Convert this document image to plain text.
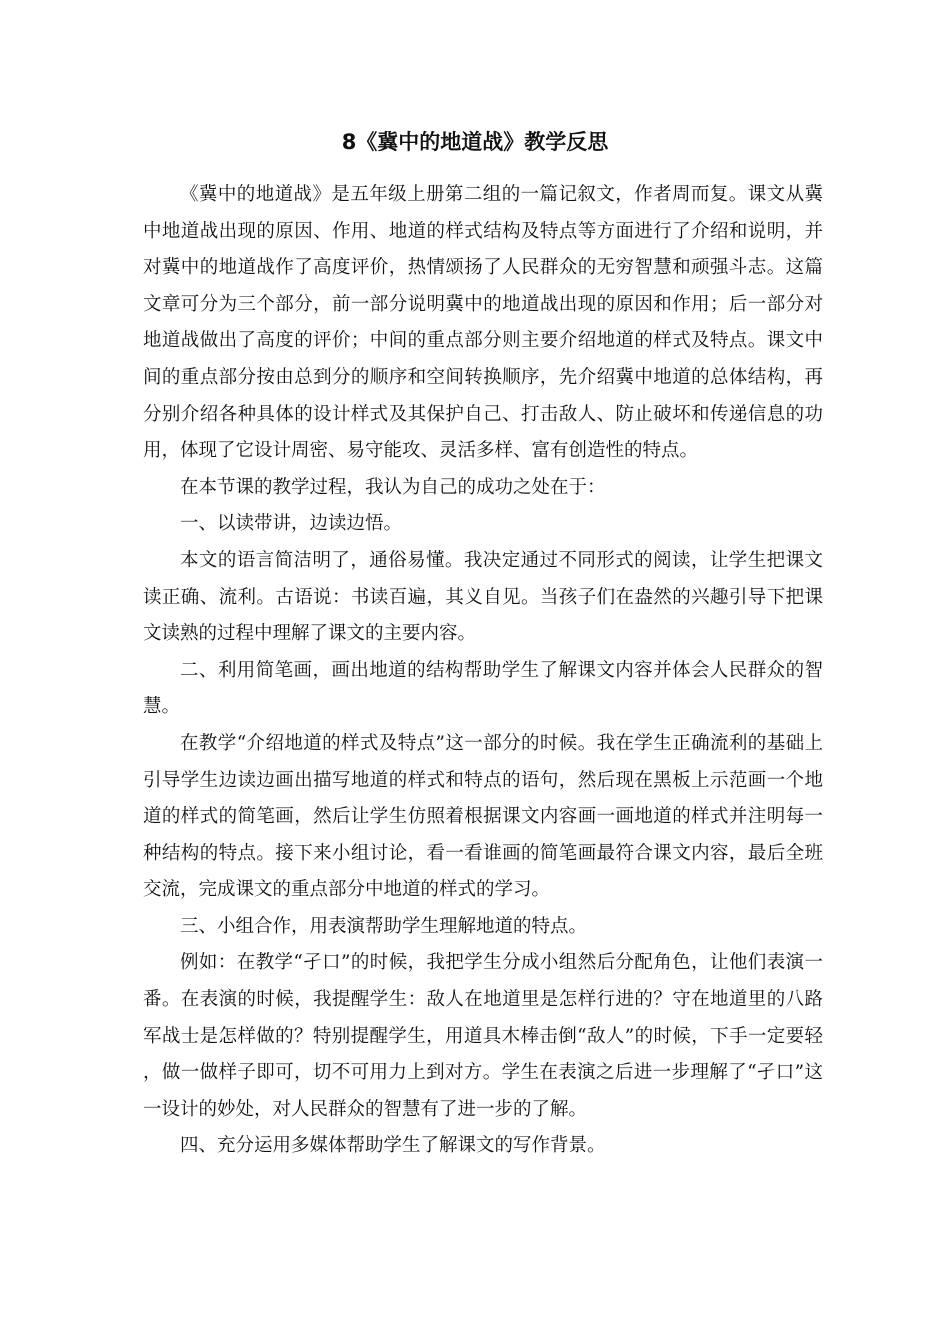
8《冀中的地道战》教学反思

《冀中的地道战》是五年级上册第二组的一篇记叙文，作者周而复。课文从冀中地道战出现的原因、作用、地道的样式结构及特点等方面进行了介绍和说明，并对冀中的地道战作了高度评价，热情颂扬了人民群众的无穷智慧和顽强斗志。这篇文章可分为三个部分，前一部分说明冀中的地道战出现的原因和作用；后一部分对地道战做出了高度的评价；中间的重点部分则主要介绍地道的样式及特点。课文中间的重点部分按由总到分的顺序和空间转换顺序，先介绍冀中地道的总体结构，再分别介绍各种具体的设计样式及其保护自己、打击敌人、防止破坏和传递信息的功用，体现了它设计周密、易守能攻、灵活多样、富有创造性的特点。

在本节课的教学过程，我认为自己的成功之处在于：

一、以读带讲，边读边悟。

本文的语言简洁明了，通俗易懂。我决定通过不同形式的阅读，让学生把课文读正确、流利。古语说：书读百遍，其义自见。当孩子们在盎然的兴趣引导下把课文读熟的过程中理解了课文的主要内容。

二、利用简笔画，画出地道的结构帮助学生了解课文内容并体会人民群众的智慧。

在教学“介绍地道的样式及特点”这一部分的时候。我在学生正确流利的基础上引导学生边读边画出描写地道的样式和特点的语句，然后现在黑板上示范画一个地道的样式的简笔画，然后让学生仿照着根据课文内容画一画地道的样式并注明每一种结构的特点。接下来小组讨论，看一看谁画的简笔画最符合课文内容，最后全班交流，完成课文的重点部分中地道的样式的学习。

三、小组合作，用表演帮助学生理解地道的特点。

例如：在教学“孑口”的时候，我把学生分成小组然后分配角色，让他们表演一番。在表演的时候，我提醒学生：敌人在地道里是怎样行进的？守在地道里的八路军战士是怎样做的？特别提醒学生，用道具木棒击倒“敌人”的时候，下手一定要轻，做一做样子即可，切不可用力上到对方。学生在表演之后进一步理解了“孑口”这一设计的妙处，对人民群众的智慧有了进一步的了解。

四、充分运用多媒体帮助学生了解课文的写作背景。
